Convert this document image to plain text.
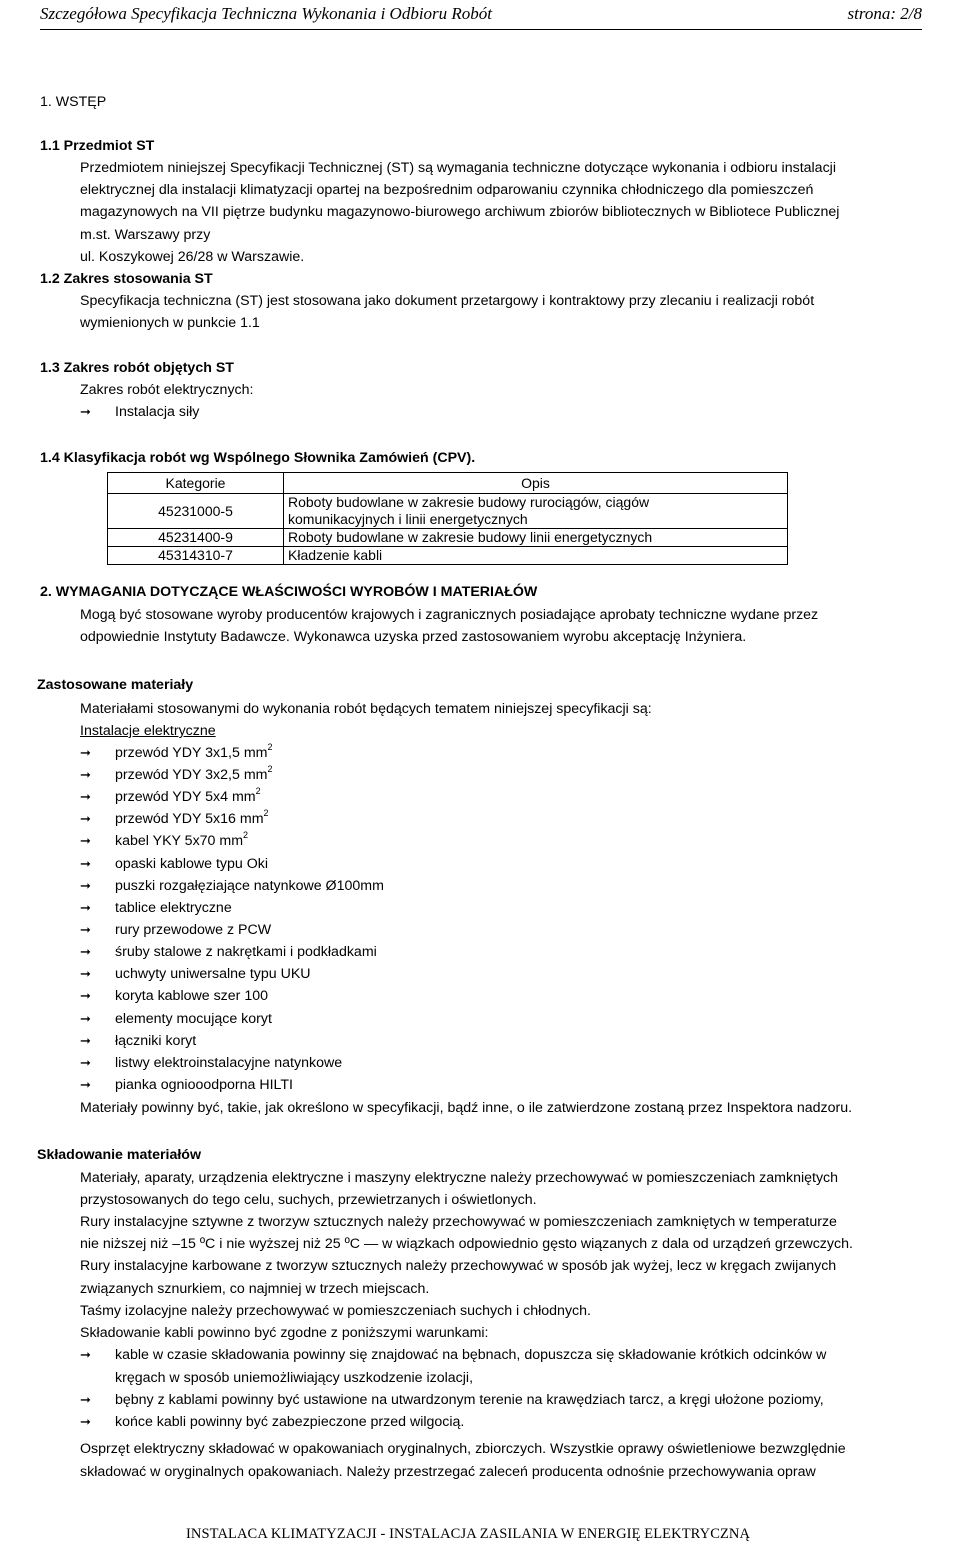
Szczegółowa Specyfikacja Techniczna Wykonania i Odbioru Robót	strona: 2/8
1. WSTĘP
1.1 Przedmiot ST
Przedmiotem niniejszej Specyfikacji Technicznej (ST) są wymagania techniczne dotyczące wykonania i odbioru instalacji
elektrycznej dla instalacji klimatyzacji opartej na bezpośrednim odparowaniu czynnika chłodniczego dla pomieszczeń
magazynowych na VII piętrze budynku magazynowo-biurowego archiwum zbiorów bibliotecznych w Bibliotece Publicznej
m.st. Warszawy przy
ul. Koszykowej 26/28 w Warszawie.
1.2 Zakres stosowania ST
Specyfikacja techniczna (ST) jest stosowana jako dokument przetargowy i kontraktowy przy zlecaniu i realizacji robót
wymienionych w punkcie 1.1
1.3 Zakres robót objętych ST
Zakres robót elektrycznych:
➞ Instalacja siły
1.4 Klasyfikacja robót wg Wspólnego Słownika Zamówień (CPV).
Kategorie	Opis
45231000-5	Roboty budowlane w zakresie budowy rurociągów, ciągów
komunikacyjnych i linii energetycznych

45231400-9	Roboty budowlane w zakresie budowy linii energetycznych
45314310-7	Kładzenie kabli
2. WYMAGANIA DOTYCZĄCE WŁAŚCIWOŚCI WYROBÓW I MATERIAŁÓW
Mogą być stosowane wyroby producentów krajowych i zagranicznych posiadające aprobaty techniczne wydane przez
odpowiednie Instytuty Badawcze. Wykonawca uzyska przed zastosowaniem wyrobu akceptację Inżyniera.
Zastosowane materiały
Materiałami stosowanymi do wykonania robót będących tematem niniejszej specyfikacji są:
Instalacje elektryczne
➞ przewód YDY 3x1,5 $mm^2$
➞ przewód YDY 3x2,5 $mm^2$
➞ przewód YDY 5x4 $mm^2$
➞ przewód YDY 5x16 $mm^2$
➞ kabel YKY 5x70 $mm^2$
➞ opaski kablowe typu Oki
➞ puszki rozgałęziające natynkowe Ø100mm
➞ tablice elektryczne
➞ rury przewodowe z PCW
➞ śruby stalowe z nakrętkami i podkładkami
➞ uchwyty uniwersalne typu UKU
➞ koryta kablowe szer 100
➞ elementy mocujące koryt
➞ łączniki koryt
➞ listwy elektroinstalacyjne natynkowe
➞ pianka ogniooodporna HILTI
Materiały powinny być, takie, jak określono w specyfikacji, bądź inne, o ile zatwierdzone zostaną przez Inspektora nadzoru.
Składowanie materiałów
Materiały, aparaty, urządzenia elektryczne i maszyny elektryczne należy przechowywać w pomieszczeniach zamkniętych
przystosowanych do tego celu, suchych, przewietrzanych i oświetlonych.
Rury instalacyjne sztywne z tworzyw sztucznych należy przechowywać w pomieszczeniach zamkniętych w temperaturze
nie niższej niż –15 ºC i nie wyższej niż 25 ºC — w wiązkach odpowiednio gęsto wiązanych z dala od urządzeń grzewczych.
Rury instalacyjne karbowane z tworzyw sztucznych należy przechowywać w sposób jak wyżej, lecz w kręgach zwijanych
związanych sznurkiem, co najmniej w trzech miejscach.
Taśmy izolacyjne należy przechowywać w pomieszczeniach suchych i chłodnych.
Składowanie kabli powinno być zgodne z poniższymi warunkami:
➞ kable w czasie składowania powinny się znajdować na bębnach, dopuszcza się składowanie krótkich odcinków w
kręgach w sposób uniemożliwiający uszkodzenie izolacji,
➞ bębny z kablami powinny być ustawione na utwardzonym terenie na krawędziach tarcz, a kręgi ułożone poziomy,
➞ końce kabli powinny być zabezpieczone przed wilgocią.
Osprzęt elektryczny składować w opakowaniach oryginalnych, zbiorczych. Wszystkie oprawy oświetleniowe bezwzględnie
składować w oryginalnych opakowaniach. Należy przestrzegać zaleceń producenta odnośnie przechowywania opraw
INSTALACA KLIMATYZACJI - INSTALACJA ZASILANIA W ENERGIĘ ELEKTRYCZNĄ
